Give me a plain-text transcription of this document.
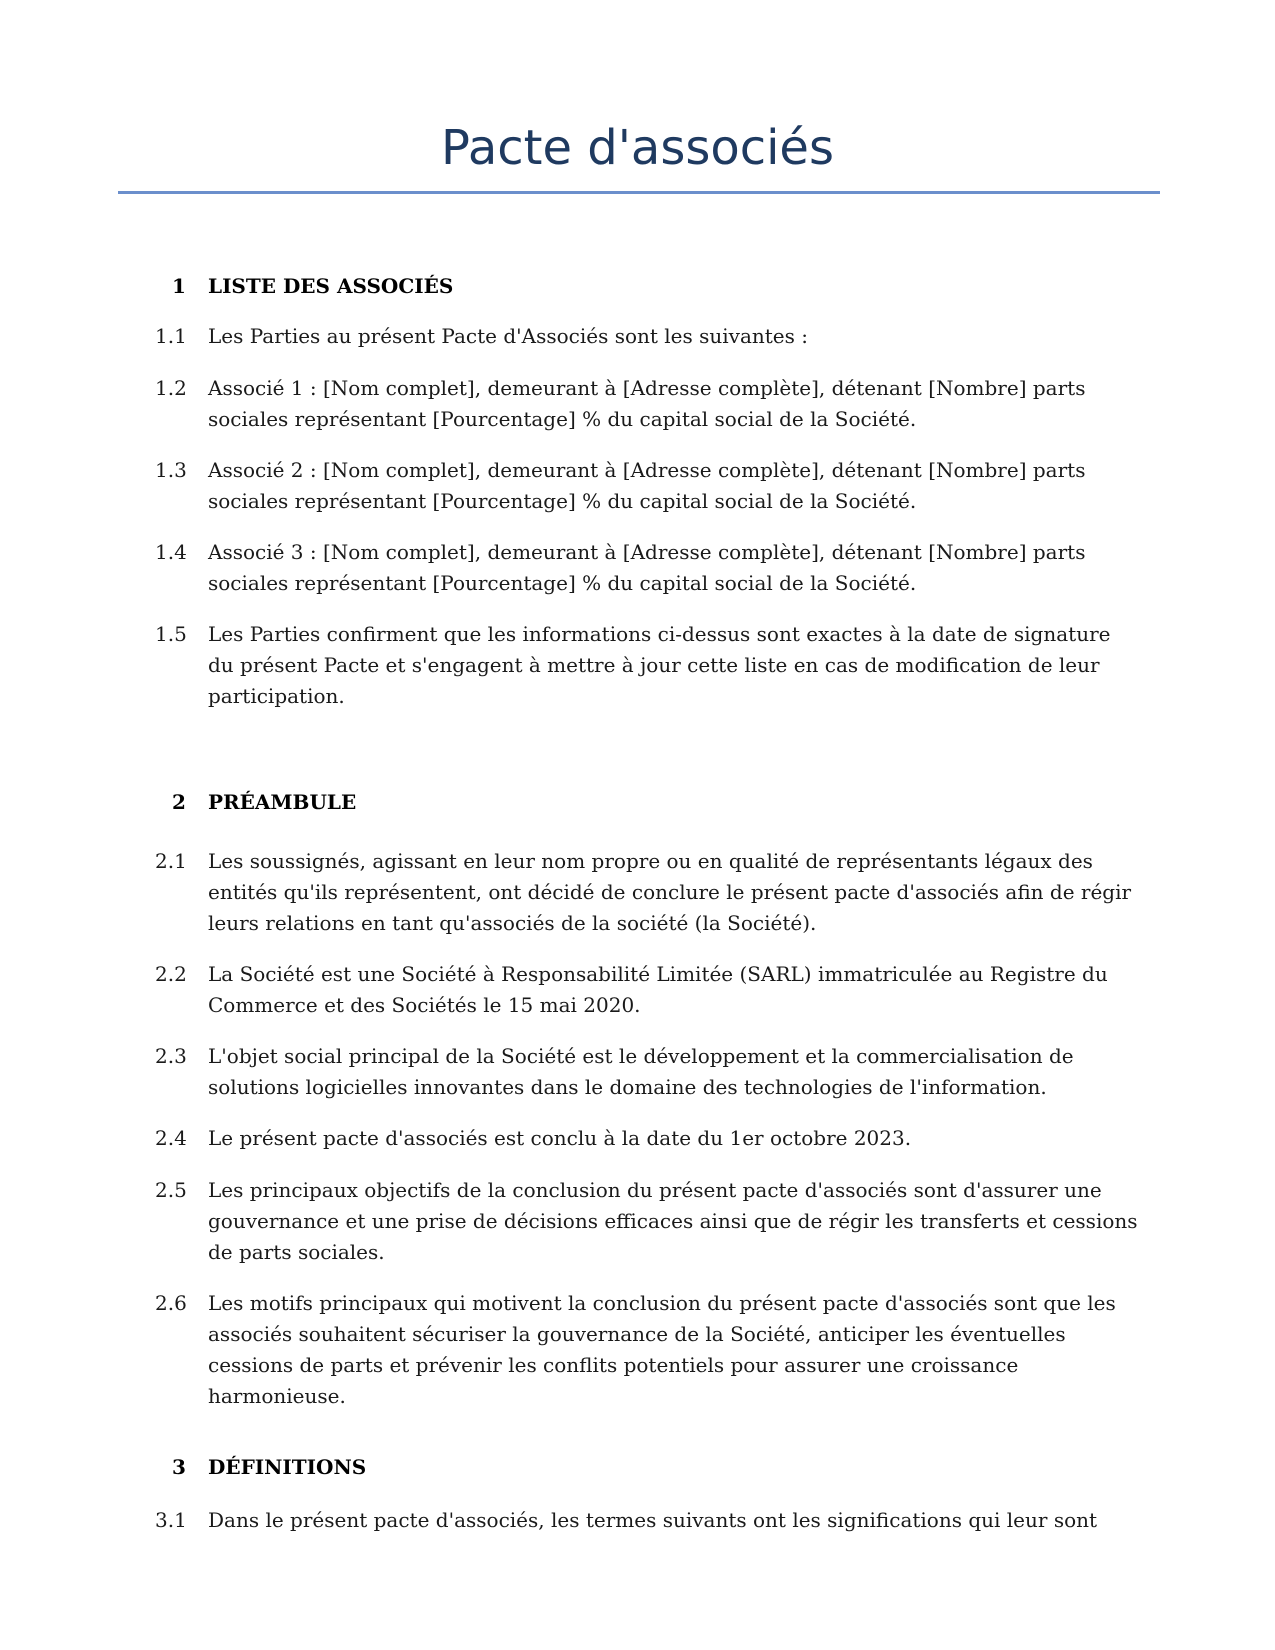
Pacte d'associés
1 LISTE DES ASSOCIÉS
1.1 Les Parties au présent Pacte d'Associés sont les suivantes :
1.2 Associé 1 : [Nom complet], demeurant à [Adresse complète], détenant [Nombre] parts sociales représentant [Pourcentage] % du capital social de la Société.
1.3 Associé 2 : [Nom complet], demeurant à [Adresse complète], détenant [Nombre] parts sociales représentant [Pourcentage] % du capital social de la Société.
1.4 Associé 3 : [Nom complet], demeurant à [Adresse complète], détenant [Nombre] parts sociales représentant [Pourcentage] % du capital social de la Société.
1.5 Les Parties confirment que les informations ci-dessus sont exactes à la date de signature du présent Pacte et s'engagent à mettre à jour cette liste en cas de modification de leur participation.
2 PRÉAMBULE
2.1 Les soussignés, agissant en leur nom propre ou en qualité de représentants légaux des entités qu'ils représentent, ont décidé de conclure le présent pacte d'associés afin de régir leurs relations en tant qu'associés de la société (la Société).
2.2 La Société est une Société à Responsabilité Limitée (SARL) immatriculée au Registre du Commerce et des Sociétés le 15 mai 2020.
2.3 L'objet social principal de la Société est le développement et la commercialisation de solutions logicielles innovantes dans le domaine des technologies de l'information.
2.4 Le présent pacte d'associés est conclu à la date du 1er octobre 2023.
2.5 Les principaux objectifs de la conclusion du présent pacte d'associés sont d'assurer une gouvernance et une prise de décisions efficaces ainsi que de régir les transferts et cessions de parts sociales.
2.6 Les motifs principaux qui motivent la conclusion du présent pacte d'associés sont que les associés souhaitent sécuriser la gouvernance de la Société, anticiper les éventuelles cessions de parts et prévenir les conflits potentiels pour assurer une croissance harmonieuse.
3 DÉFINITIONS
3.1 Dans le présent pacte d'associés, les termes suivants ont les significations qui leur sont
